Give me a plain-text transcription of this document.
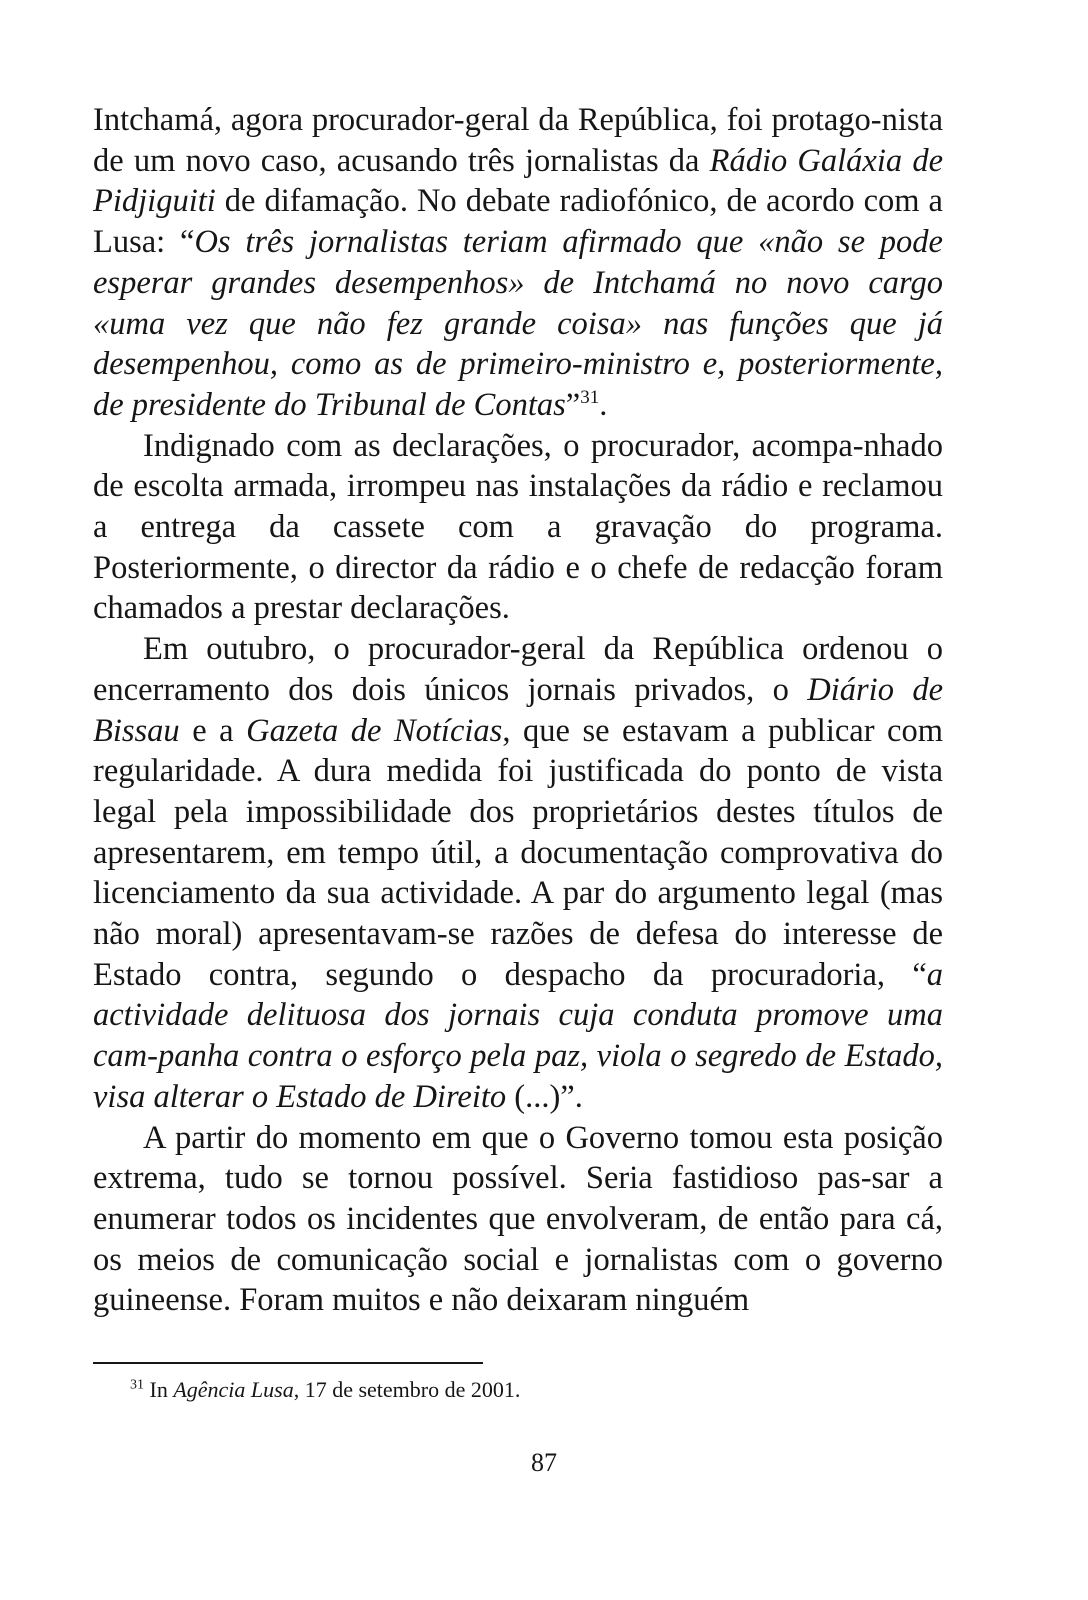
Intchamá, agora procurador-geral da República, foi protago-nista de um novo caso, acusando três jornalistas da Rádio Galáxia de Pidjiguiti de difamação. No debate radiofónico, de acordo com a Lusa: “Os três jornalistas teriam afirmado que «não se pode esperar grandes desempenhos» de Intchamá no novo cargo «uma vez que não fez grande coisa» nas funções que já desempenhou, como as de primeiro-ministro e, posteriormente, de presidente do Tribunal de Contas”$^{31}$.

Indignado com as declarações, o procurador, acompa-nhado de escolta armada, irrompeu nas instalações da rádio e reclamou a entrega da cassete com a gravação do programa. Posteriormente, o director da rádio e o chefe de redacção foram chamados a prestar declarações.

Em outubro, o procurador-geral da República ordenou o encerramento dos dois únicos jornais privados, o Diário de Bissau e a Gazeta de Notícias, que se estavam a publicar com regularidade. A dura medida foi justificada do ponto de vista legal pela impossibilidade dos proprietários destes títulos de apresentarem, em tempo útil, a documentação comprovativa do licenciamento da sua actividade. A par do argumento legal (mas não moral) apresentavam-se razões de defesa do interesse de Estado contra, segundo o despacho da procuradoria, “a actividade delituosa dos jornais cuja conduta promove uma cam-panha contra o esforço pela paz, viola o segredo de Estado, visa alterar o Estado de Direito (...)”.

A partir do momento em que o Governo tomou esta posição extrema, tudo se tornou possível. Seria fastidioso pas-sar a enumerar todos os incidentes que envolveram, de então para cá, os meios de comunicação social e jornalistas com o governo guineense. Foram muitos e não deixaram ninguém

$^{31}$ In Agência Lusa, 17 de setembro de 2001.
87
